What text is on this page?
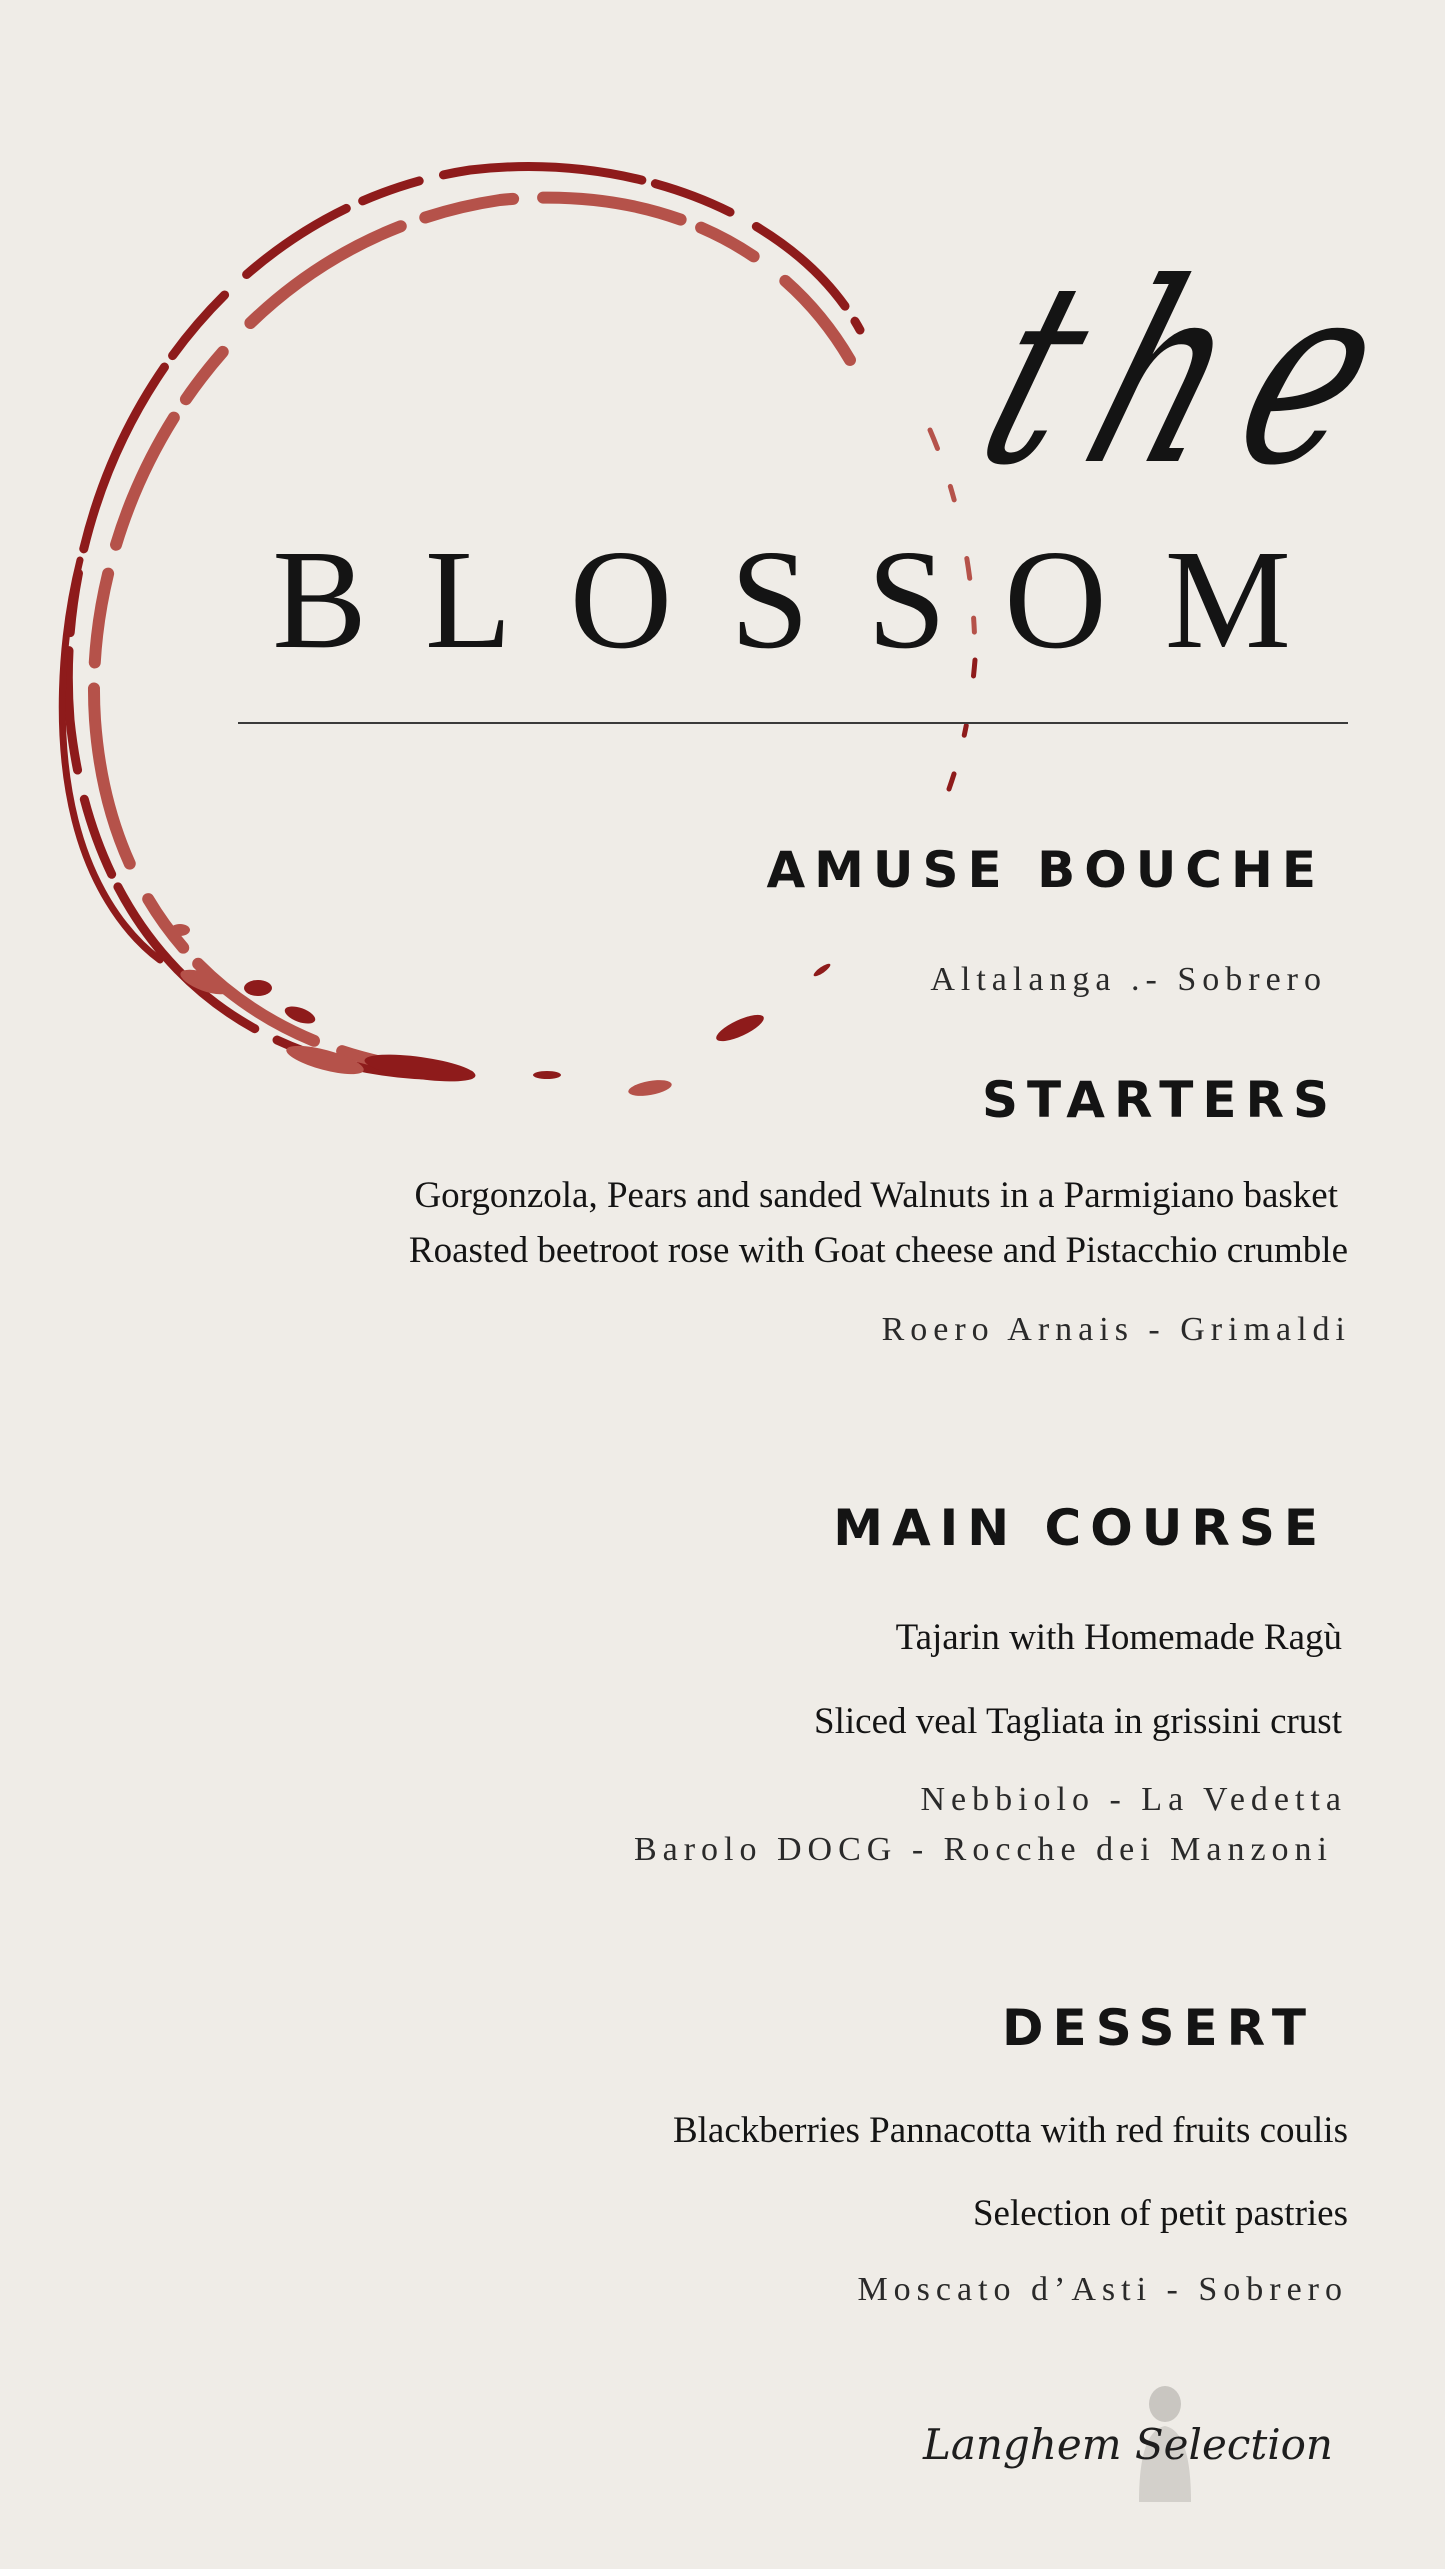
the
BLOSSOM
AMUSE BOUCHE
Altalanga .- Sobrero
STARTERS
Gorgonzola, Pears and sanded Walnuts in a Parmigiano basket
Roasted beetroot rose with Goat cheese and Pistacchio crumble
Roero Arnais - Grimaldi
MAIN COURSE
Tajarin with Homemade Ragù
Sliced veal Tagliata in grissini crust
Nebbiolo - La Vedetta
Barolo DOCG - Rocche dei Manzoni
DESSERT
Blackberries Pannacotta with red fruits coulis
Selection of petit pastries
Moscato d’Asti - Sobrero
Langhem Selection
